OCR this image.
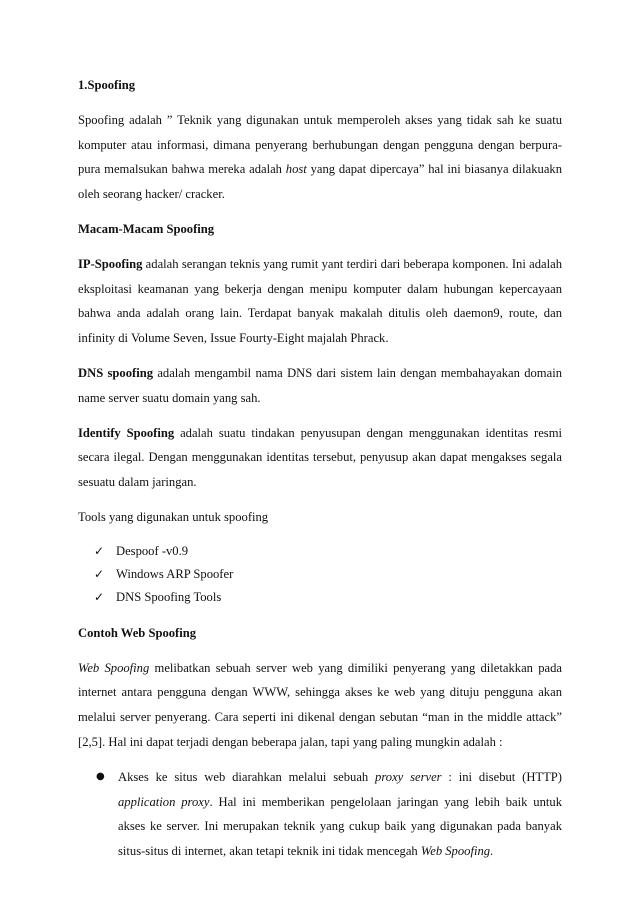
1.Spoofing

Spoofing adalah ” Teknik yang digunakan untuk memperoleh akses yang tidak sah ke suatu komputer atau informasi, dimana penyerang berhubungan dengan pengguna dengan berpura-pura memalsukan bahwa mereka adalah host yang dapat dipercaya” hal ini biasanya dilakuakn oleh seorang hacker/ cracker.

Macam-Macam Spoofing

IP-Spoofing adalah serangan teknis yang rumit yant terdiri dari beberapa komponen. Ini adalah eksploitasi keamanan yang bekerja dengan menipu komputer dalam hubungan kepercayaan bahwa anda adalah orang lain. Terdapat banyak makalah ditulis oleh daemon9, route, dan infinity di Volume Seven, Issue Fourty-Eight majalah Phrack.

DNS spoofing adalah mengambil nama DNS dari sistem lain dengan membahayakan domain name server suatu domain yang sah.

Identify Spoofing adalah suatu tindakan penyusupan dengan menggunakan identitas resmi secara ilegal. Dengan menggunakan identitas tersebut, penyusup akan dapat mengakses segala sesuatu dalam jaringan.

Tools yang digunakan untuk spoofing

✓ Despoof -v0.9
✓ Windows ARP Spoofer
✓ DNS Spoofing Tools

Contoh Web Spoofing

Web Spoofing melibatkan sebuah server web yang dimiliki penyerang yang diletakkan pada internet antara pengguna dengan WWW, sehingga akses ke web yang dituju pengguna akan melalui server penyerang. Cara seperti ini dikenal dengan sebutan “man in the middle attack” [2,5]. Hal ini dapat terjadi dengan beberapa jalan, tapi yang paling mungkin adalah :

● Akses ke situs web diarahkan melalui sebuah proxy server : ini disebut (HTTP) application proxy. Hal ini memberikan pengelolaan jaringan yang lebih baik untuk akses ke server. Ini merupakan teknik yang cukup baik yang digunakan pada banyak situs-situs di internet, akan tetapi teknik ini tidak mencegah Web Spoofing.
